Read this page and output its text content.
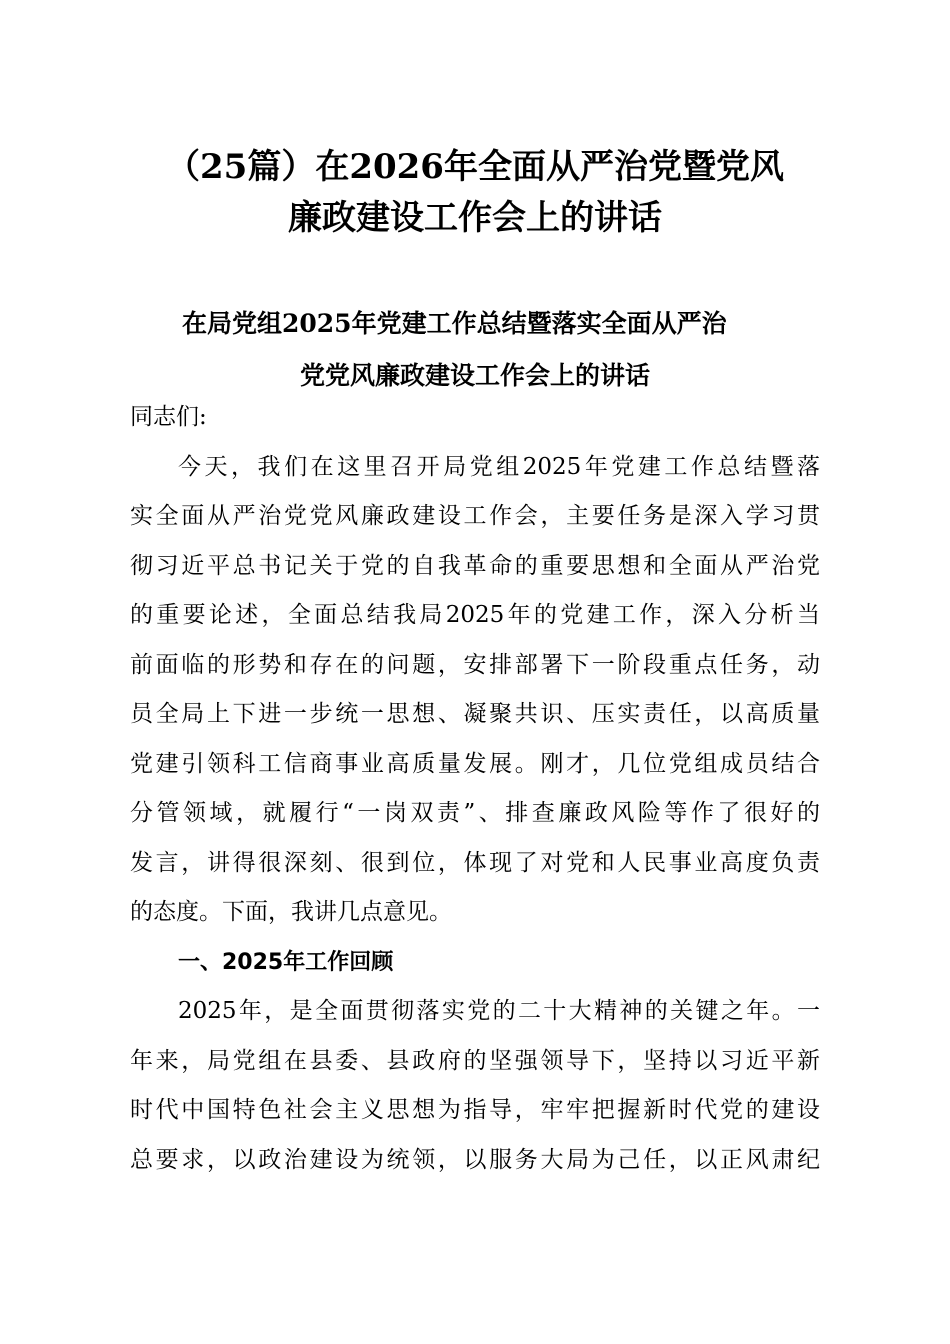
（25篇）在2026年全面从严治党暨党风
廉政建设工作会上的讲话
在局党组2025年党建工作总结暨落实全面从严治
党党风廉政建设工作会上的讲话
同志们:
今天，我们在这里召开局党组2025年党建工作总结暨落
实全面从严治党党风廉政建设工作会，主要任务是深入学习贯
彻习近平总书记关于党的自我革命的重要思想和全面从严治党
的重要论述，全面总结我局2025年的党建工作，深入分析当
前面临的形势和存在的问题，安排部署下一阶段重点任务，动
员全局上下进一步统一思想、凝聚共识、压实责任，以高质量
党建引领科工信商事业高质量发展。刚才，几位党组成员结合
分管领域，就履行“一岗双责”、排查廉政风险等作了很好的
发言，讲得很深刻、很到位，体现了对党和人民事业高度负责
的态度。下面，我讲几点意见。
一、2025年工作回顾
2025年，是全面贯彻落实党的二十大精神的关键之年。一
年来，局党组在县委、县政府的坚强领导下，坚持以习近平新
时代中国特色社会主义思想为指导，牢牢把握新时代党的建设
总要求，以政治建设为统领，以服务大局为己任，以正风肃纪
